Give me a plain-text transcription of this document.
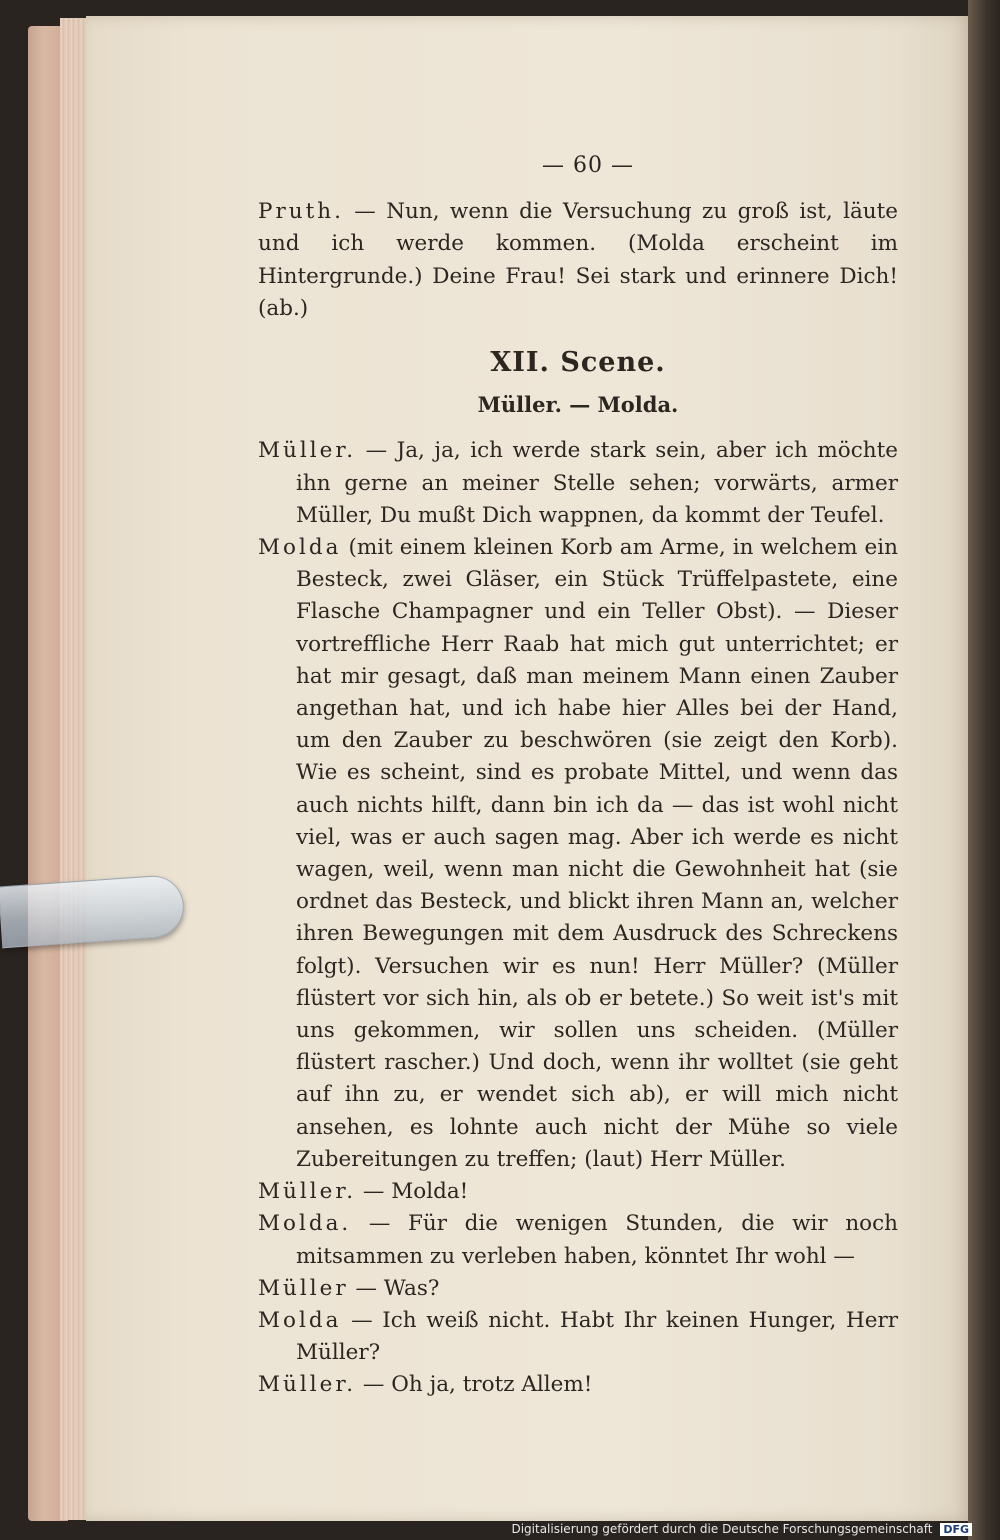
— 60 —
Pruth. — Nun, wenn die Versuchung zu groß ist, läute und ich werde kommen. (Molda erscheint im Hintergrunde.) Deine Frau! Sei stark und erinnere Dich! (ab.)
XII. Scene.
Müller. — Molda.
Müller. — Ja, ja, ich werde stark sein, aber ich möchte ihn gerne an meiner Stelle sehen; vorwärts, armer Müller, Du mußt Dich wappnen, da kommt der Teufel.
Molda (mit einem kleinen Korb am Arme, in welchem ein Besteck, zwei Gläser, ein Stück Trüffelpastete, eine Flasche Champagner und ein Teller Obst). — Dieser vortreffliche Herr Raab hat mich gut unterrichtet; er hat mir gesagt, daß man meinem Mann einen Zauber angethan hat, und ich habe hier Alles bei der Hand, um den Zauber zu beschwören (sie zeigt den Korb). Wie es scheint, sind es probate Mittel, und wenn das auch nichts hilft, dann bin ich da — das ist wohl nicht viel, was er auch sagen mag. Aber ich werde es nicht wagen, weil, wenn man nicht die Gewohnheit hat (sie ordnet das Besteck, und blickt ihren Mann an, welcher ihren Bewegungen mit dem Ausdruck des Schreckens folgt). Versuchen wir es nun! Herr Müller? (Müller flüstert vor sich hin, als ob er betete.) So weit ist's mit uns gekommen, wir sollen uns scheiden. (Müller flüstert rascher.) Und doch, wenn ihr wolltet (sie geht auf ihn zu, er wendet sich ab), er will mich nicht ansehen, es lohnte auch nicht der Mühe so viele Zubereitungen zu treffen; (laut) Herr Müller.
Müller. — Molda!
Molda. — Für die wenigen Stunden, die wir noch mitsammen zu verleben haben, könntet Ihr wohl —
Müller — Was?
Molda — Ich weiß nicht. Habt Ihr keinen Hunger, Herr Müller?
Müller. — Oh ja, trotz Allem!
Digitalisierung gefördert durch die Deutsche Forschungsgemeinschaft DFG
